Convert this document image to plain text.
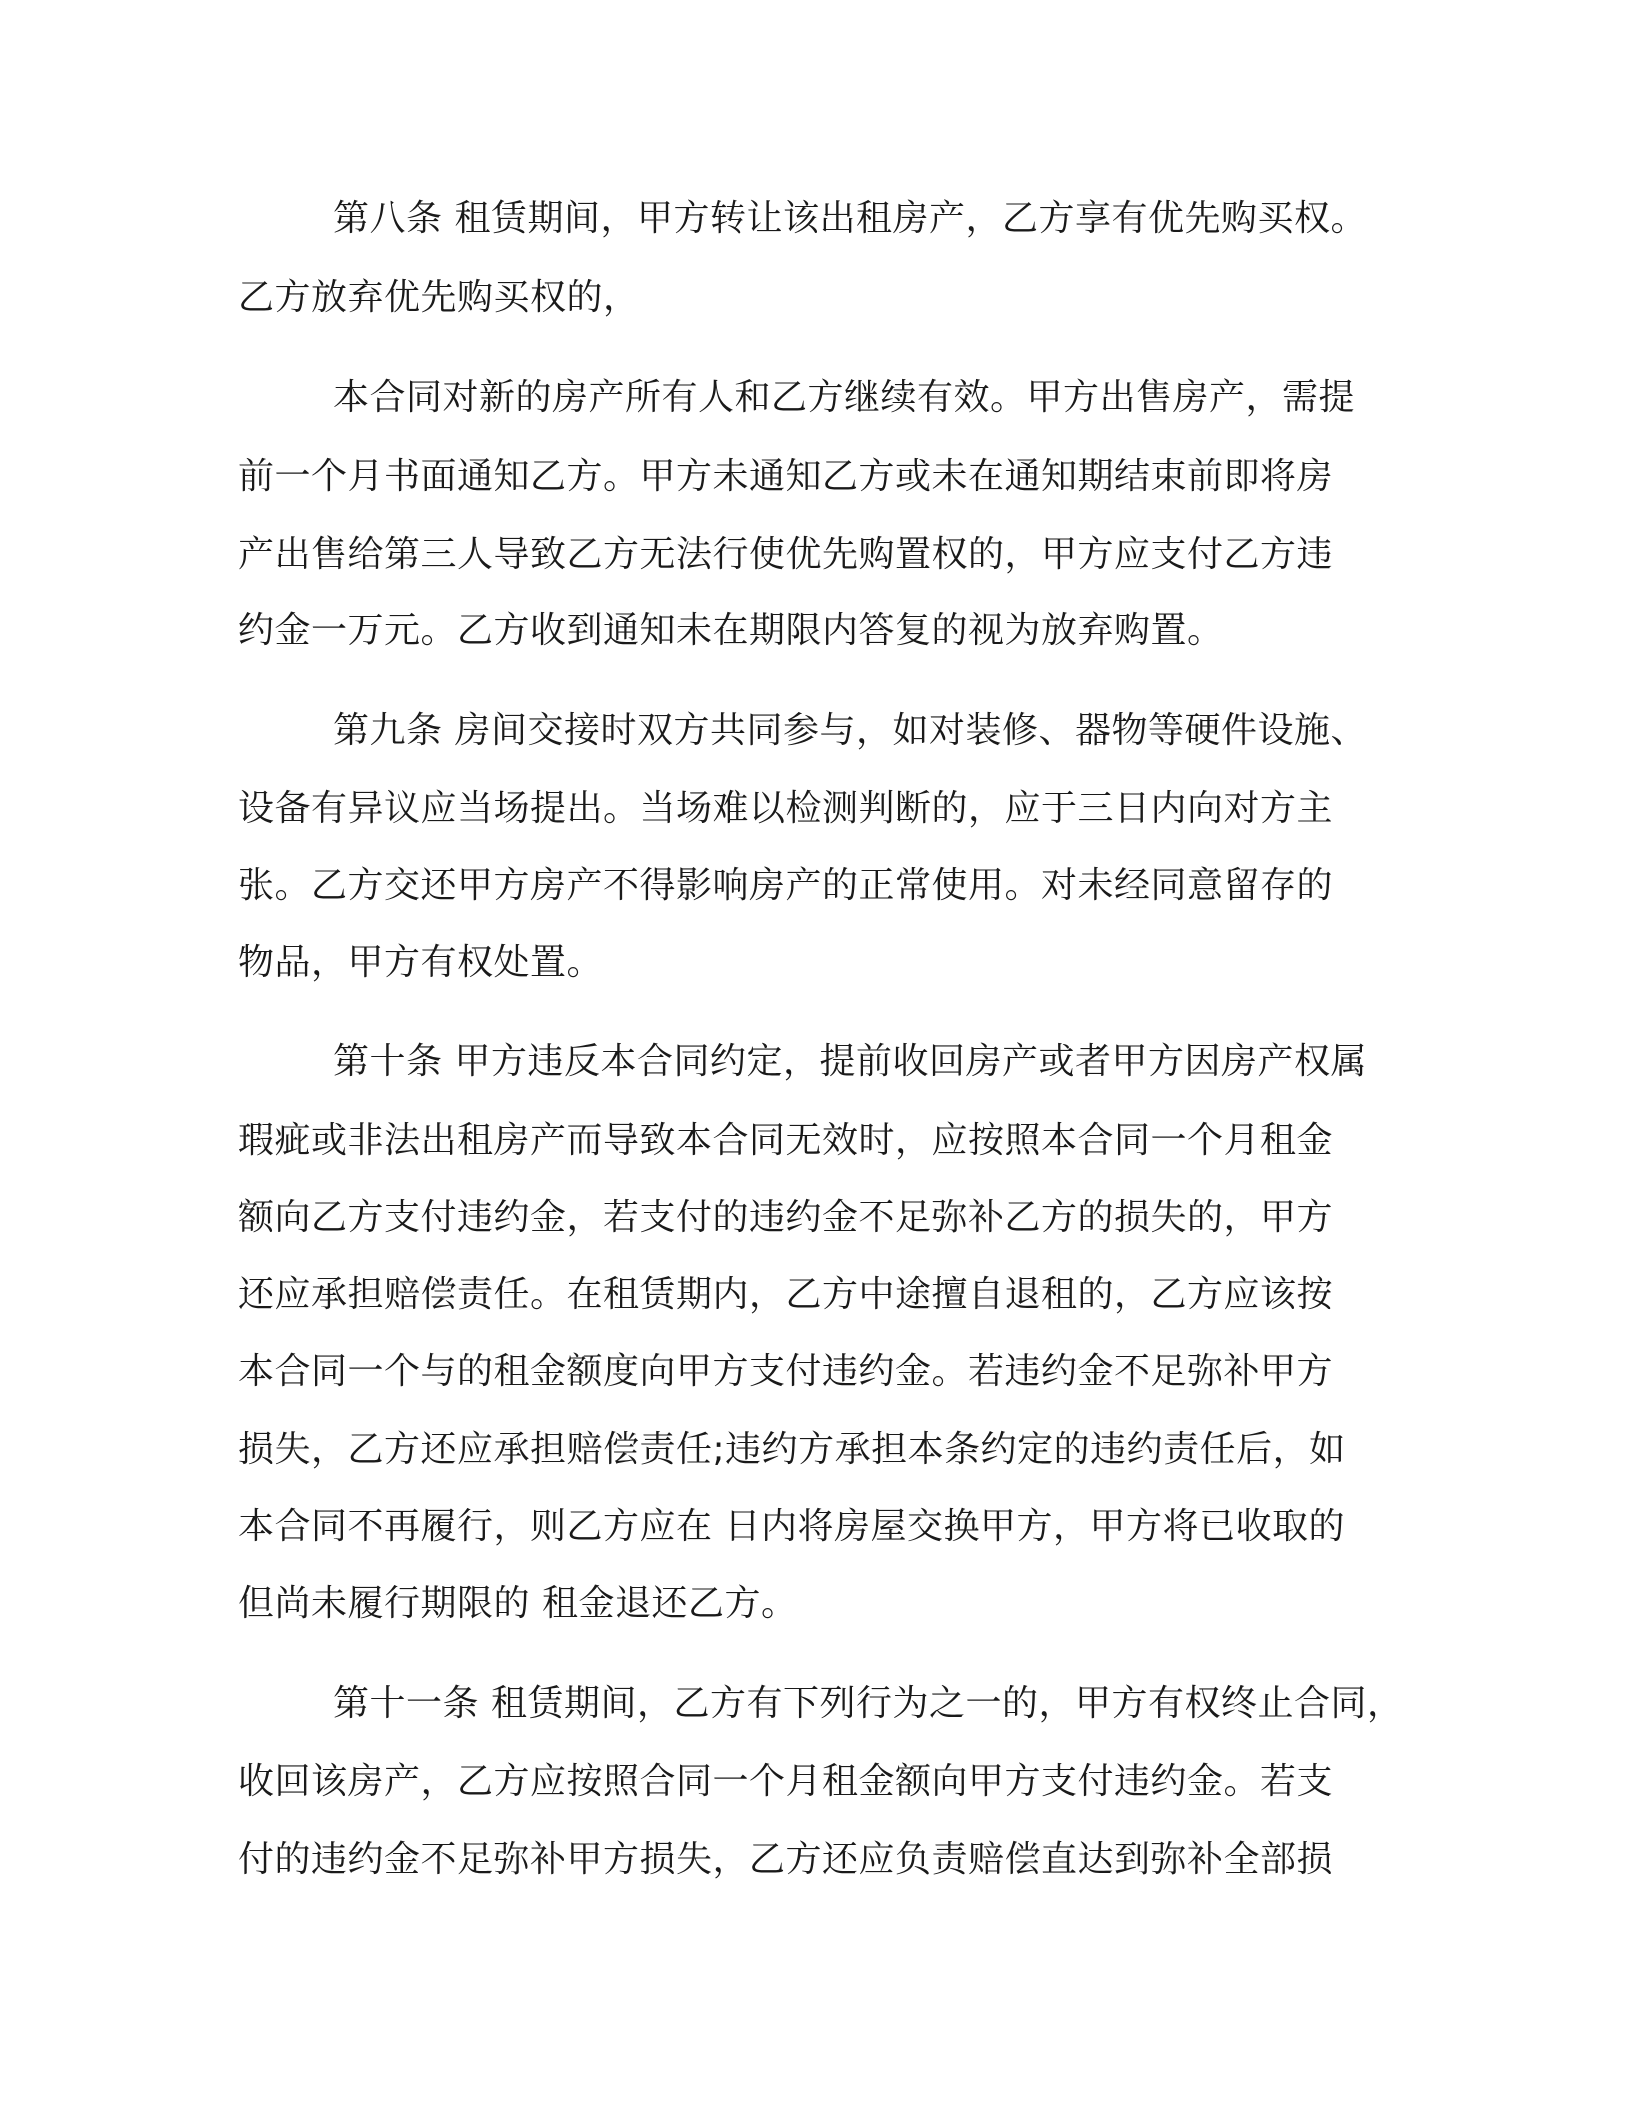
第八条 租赁期间，甲方转让该出租房产，乙方享有优先购买权。

乙方放弃优先购买权的，

本合同对新的房产所有人和乙方继续有效。甲方出售房产，需提

前一个月书面通知乙方。甲方未通知乙方或未在通知期结束前即将房

产出售给第三人导致乙方无法行使优先购置权的，甲方应支付乙方违

约金一万元。乙方收到通知未在期限内答复的视为放弃购置。

第九条 房间交接时双方共同参与，如对装修、器物等硬件设施、

设备有异议应当场提出。当场难以检测判断的，应于三日内向对方主

张。乙方交还甲方房产不得影响房产的正常使用。对未经同意留存的

物品，甲方有权处置。

第十条 甲方违反本合同约定，提前收回房产或者甲方因房产权属

瑕疵或非法出租房产而导致本合同无效时，应按照本合同一个月租金

额向乙方支付违约金，若支付的违约金不足弥补乙方的损失的，甲方

还应承担赔偿责任。在租赁期内，乙方中途擅自退租的，乙方应该按

本合同一个与的租金额度向甲方支付违约金。若违约金不足弥补甲方

损失，乙方还应承担赔偿责任;违约方承担本条约定的违约责任后，如

本合同不再履行，则乙方应在 日内将房屋交换甲方，甲方将已收取的

但尚未履行期限的 租金退还乙方。

第十一条 租赁期间，乙方有下列行为之一的，甲方有权终止合同，

收回该房产，乙方应按照合同一个月租金额向甲方支付违约金。若支

付的违约金不足弥补甲方损失，乙方还应负责赔偿直达到弥补全部损
